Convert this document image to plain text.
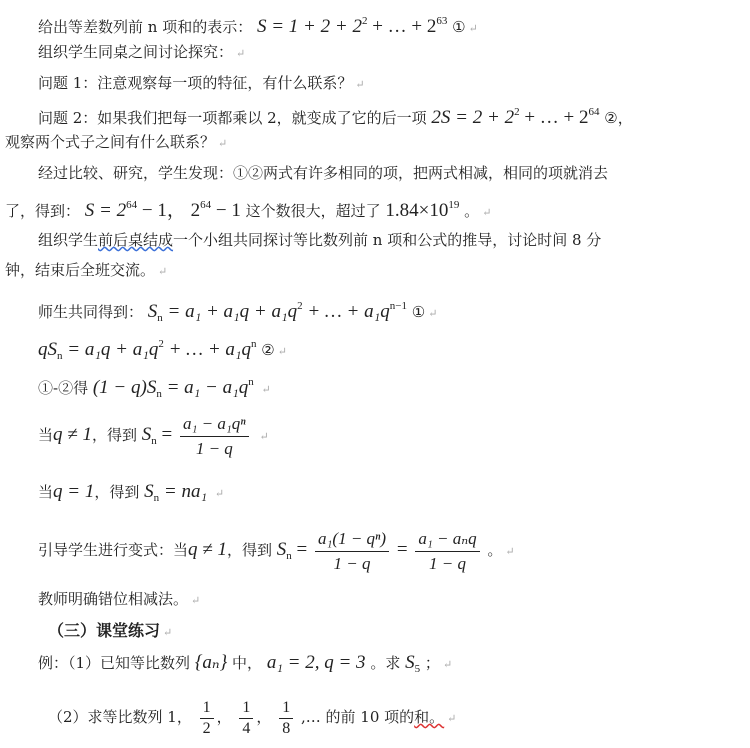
给出等差数列前 n 项和的表示： $S = 1 + 2 + 2^2$ + … + $2^{63}$ ① ↵
组织学生同桌之间讨论探究： ↵
问题 1：注意观察每一项的特征，有什么联系？ ↵
问题 2：如果我们把每一项都乘以 2，就变成了它的后一项 $2S = 2 + 2^2$ + … + $2^{64}$ ②，
观察两个式子之间有什么联系？ ↵
经过比较、研究，学生发现：①②两式有许多相同的项，把两式相减，相同的项就消去
了，得到： $S = 2^{64} - 1$， $2^{64} - 1$ 这个数很大，超过了 $1.84\times 10^{19}$ 。 ↵
组织学生前后桌结成一个小组共同探讨等比数列前 n 项和公式的推导，讨论时间 8 分
钟，结束后全班交流。 ↵
师生共同得到： $S_n = a_1 + a_1q + a_1q^2$ + … + $a_1q^{n-1}$ ① ↵
$qS_n = a_1q + a_1q^2$ + … + $a_1q^n$ ② ↵
①-②得 $(1 - q)S_n = a_1 - a_1q^n$ ↵
当q ≠ 1，得到 $S_n = \frac{\text{a₁ − a₁qⁿ}}{1 - q}$ ↵
当q = 1，得到 $S_n = na_1$ ↵
引导学生进行变式：当q ≠ 1，得到 $S_n = \frac{\text{a₁(1 − qⁿ)}}{1 - q} = \frac{\text{a₁ − aₙq}}{1 - q}$ 。 ↵
教师明确错位相减法。 ↵
（三）课堂练习 ↵
例：（1）已知等比数列 {aₙ} 中， a₁ = 2, q = 3 。求 $S_5$ ； ↵
（2）求等比数列 1， $\frac{1}{2}$ ， $\frac{1}{4}$ ， $\frac{1}{8}$ ,… 的前 10 项的和。 ↵
